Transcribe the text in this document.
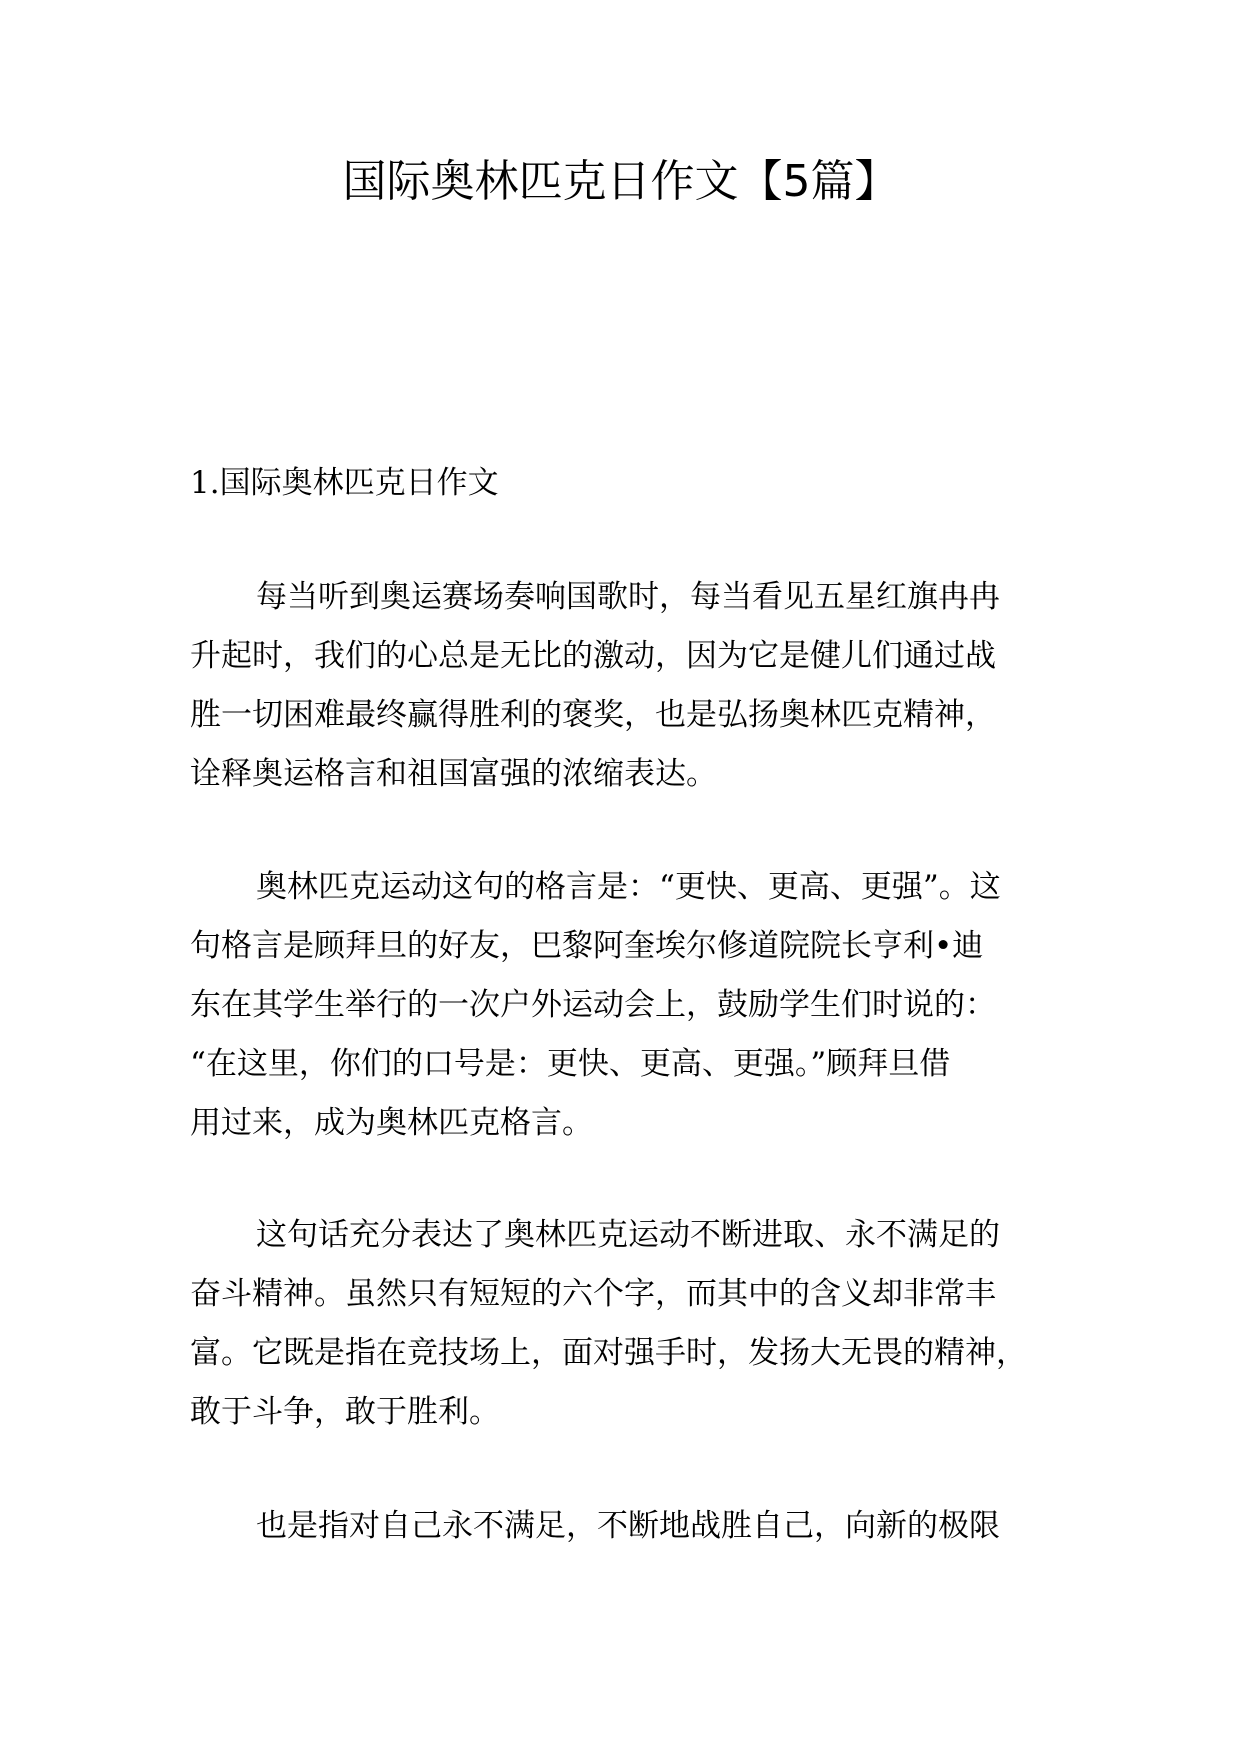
国际奥林匹克日作文【5篇】
1.国际奥林匹克日作文
每当听到奥运赛场奏响国歌时，每当看见五星红旗冉冉
升起时，我们的心总是无比的激动，因为它是健儿们通过战
胜一切困难最终赢得胜利的褒奖，也是弘扬奥林匹克精神，
诠释奥运格言和祖国富强的浓缩表达。
奥林匹克运动这句的格言是：“更快、更高、更强”。这
句格言是顾拜旦的好友，巴黎阿奎埃尔修道院院长亨利•迪
东在其学生举行的一次户外运动会上，鼓励学生们时说的：
“在这里，你们的口号是：更快、更高、更强。”顾拜旦借
用过来，成为奥林匹克格言。
这句话充分表达了奥林匹克运动不断进取、永不满足的
奋斗精神。虽然只有短短的六个字，而其中的含义却非常丰
富。它既是指在竞技场上，面对强手时，发扬大无畏的精神，
敢于斗争，敢于胜利。
也是指对自己永不满足，不断地战胜自己，向新的极限
